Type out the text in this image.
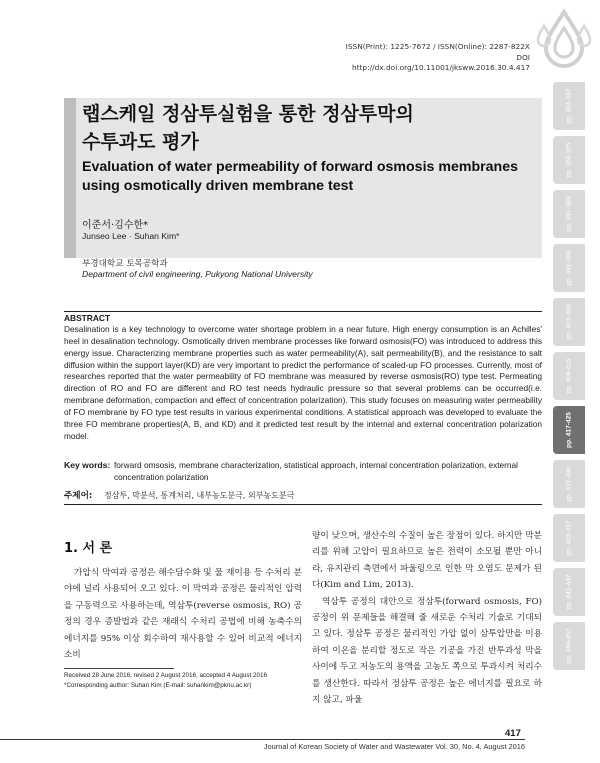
ISSN(Print): 1225-7672 / ISSN(Online): 2287-822X
DOI http://dx.doi.org/10.11001/jksww.2016.30.4.417
랩스케일 정삼투실험을 통한 정삼투막의
수투과도 평가
Evaluation of water permeability of forward osmosis membranes
using osmotically driven membrane test
이준서·김수한*
Junseo Lee · Suhan Kim*
부경대학교 토목공학과
Department of civil engineering, Pukyong National University
pp. 361-367
pp. 369-375
pp. 381-389
pp. 391-399
pp. 401-409
pp. 409-415
pp. 417-425
pp. 427-430
pp. 431-437
pp. 441-447
pp. 449-457
ABSTRACT
Desalination is a key technology to overcome water shortage problem in a near future. High energy consumption is an Achilles' heel in desalination technology. Osmotically driven membrane processes like forward osmosis(FO) was introduced to address this energy issue. Characterizing membrane properties such as water permeability(A), salt permeability(B), and the resistance to salt diffusion within the support layer(KD) are very important to predict the performance of scaled-up FO processes. Currently, most of researches reported that the water permeability of FO membrane was measured by reverse osmosis(RO) type test. Permeating direction of RO and FO are different and RO test needs hydraulic pressure so that several problems can be occurred(i.e. membrane deformation, compaction and effect of concentration polarization). This study focuses on measuring water permeability of FO membrane by FO type test results in various experimental conditions. A statistical approach was developed to evaluate the three FO membrane properties(A, B, and KD) and it predicted test result by the internal and external concentration polarization model.
Key words: forward omsosis, membrane characterization, statistical approach, internal concentration polarization, external concentration polarization
주제어: 정삼투, 막분석, 통계처리, 내부농도분극, 외부농도분극
1. 서 론
가압식 막여과 공정은 해수담수화 및 물 재이용 등 수처리 분야에 널리 사용되어 오고 있다. 이 막여과 공정은 물리적인 압력을 구동력으로 사용하는데, 역삼투(reverse osmosis, RO) 공정의 경우 증발법과 같은 재래식 수처리 공법에 비해 농축수의 에너지를 95% 이상 회수하여 재사용할 수 있어 비교적 에너지 소비
량이 낮으며, 생산수의 수질이 높은 장점이 있다. 하지만 막분리를 위해 고압이 필요하므로 높은 전력이 소모될 뿐만 아니라, 유지관리 측면에서 파울링으로 인한 막 오염도 문제가 된다(Kim and Lim, 2013).
역삼투 공정의 대안으로 정삼투(forward osmosis, FO) 공정이 위 문제들을 해결해 줄 새로운 수처리 기술로 기대되고 있다. 정삼투 공정은 물리적인 가압 없이 삼투압만을 이용하여 이온을 분리할 정도로 작은 기공을 가진 반투과성 막을 사이에 두고 저농도의 용액을 고농도 쪽으로 투과시켜 처리수를 생산한다. 따라서 정삼투 공정은 높은 에너지를 필요로 하지 않고, 파울
Received 28 June 2016, revised 2 August 2016, accepted 4 August 2016
*Corresponding author: Suhan Kim (E-mail: suhankim@pknu.ac.kr)
417
Journal of Korean Society of Water and Wastewater Vol. 30, No. 4, August 2016
